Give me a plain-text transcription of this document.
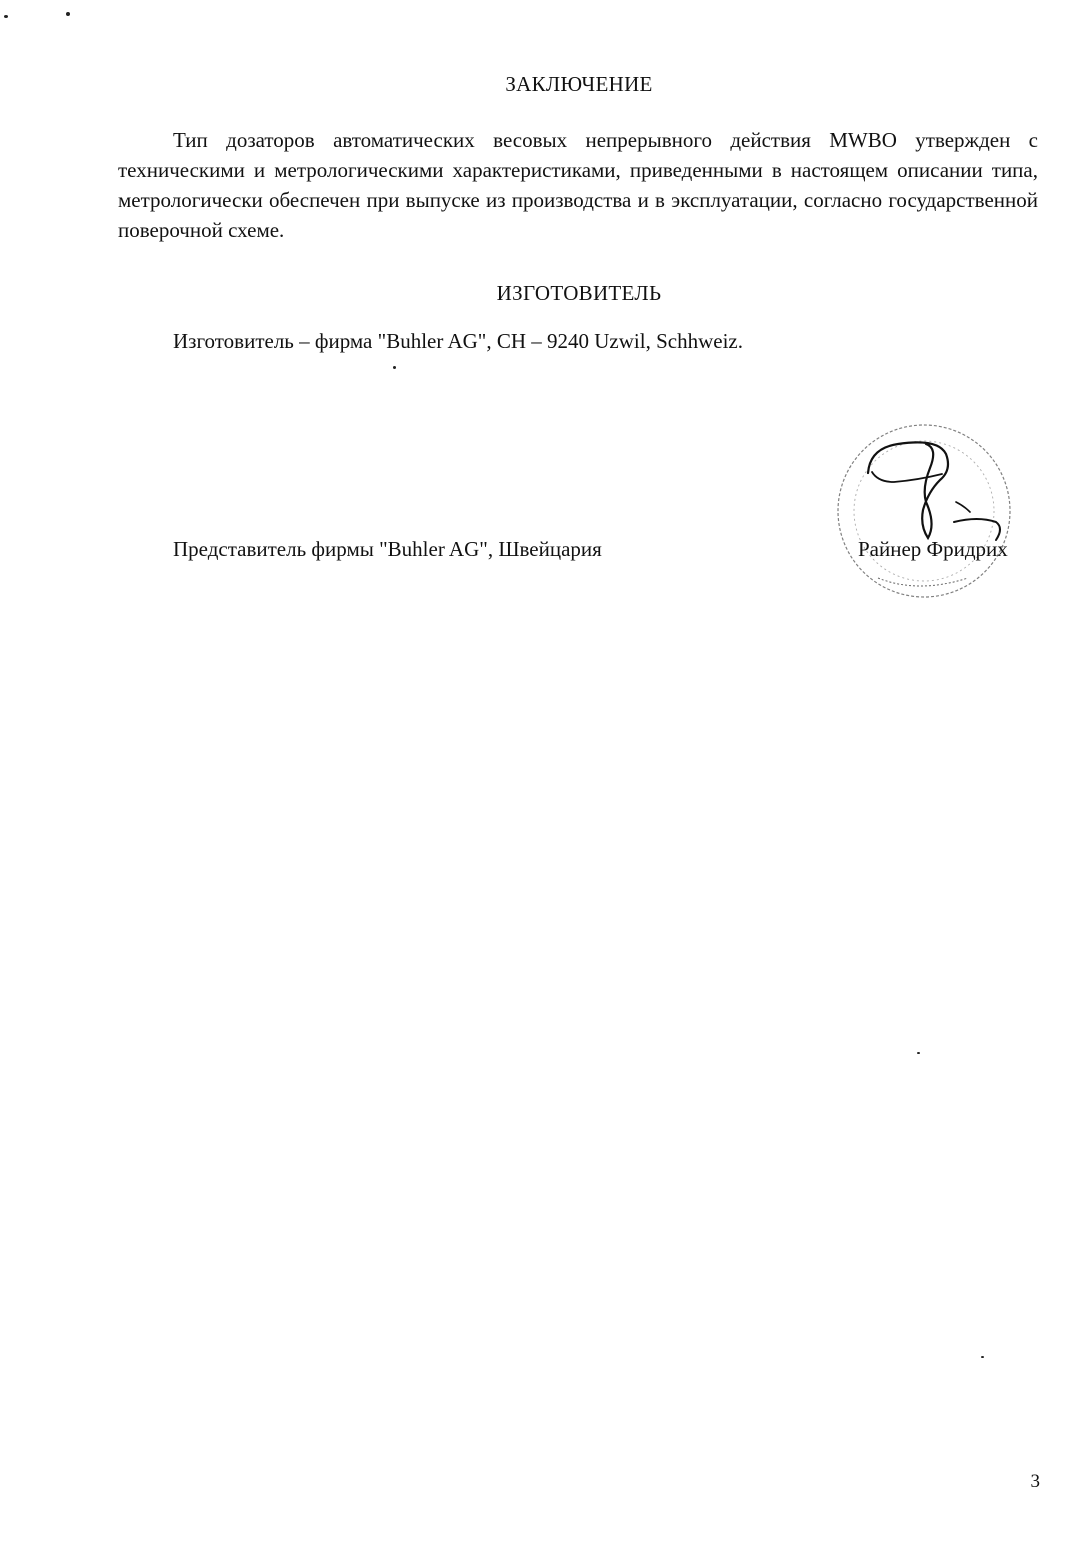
ЗАКЛЮЧЕНИЕ

Тип дозаторов автоматических весовых непрерывного действия MWBO утвержден с техническими и метрологическими характеристиками, приведенными в настоящем описании типа, метрологически обеспечен при выпуске из производства и в эксплуатации, согласно государственной поверочной схеме.

ИЗГОТОВИТЕЛЬ

Изготовитель – фирма "Buhler AG", CH – 9240 Uzwil, Schhweiz.

Представитель фирмы "Buhler AG", Швейцария	Райнер Фридрих

3
